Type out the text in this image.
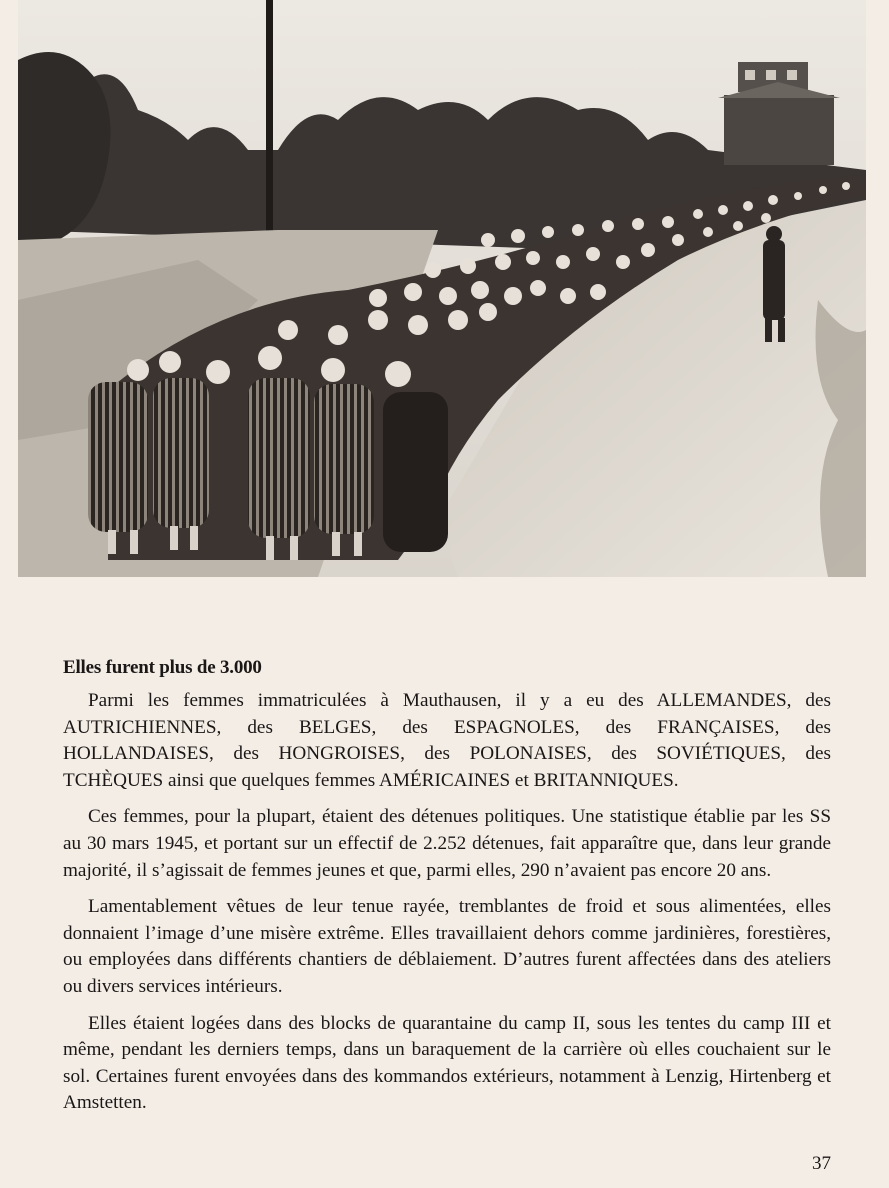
Elles furent plus de 3.000

Parmi les femmes immatriculées à Mauthausen, il y a eu des ALLEMANDES, des AUTRICHIENNES, des BELGES, des ESPAGNOLES, des FRANÇAISES, des HOLLANDAISES, des HONGROISES, des POLONAISES, des SOVIÉTIQUES, des TCHÈQUES ainsi que quelques femmes AMÉRICAINES et BRITANNIQUES.

Ces femmes, pour la plupart, étaient des détenues politiques. Une statistique établie par les SS au 30 mars 1945, et portant sur un effectif de 2.252 détenues, fait apparaître que, dans leur grande majorité, il s’agissait de femmes jeunes et que, parmi elles, 290 n’avaient pas encore 20 ans.

Lamentablement vêtues de leur tenue rayée, tremblantes de froid et sous alimentées, elles donnaient l’image d’une misère extrême. Elles travaillaient dehors comme jardinières, forestières, ou employées dans différents chantiers de déblaiement. D’autres furent affectées dans des ateliers ou divers services intérieurs.

Elles étaient logées dans des blocks de quarantaine du camp II, sous les tentes du camp III et même, pendant les derniers temps, dans un baraquement de la carrière où elles couchaient sur le sol. Certaines furent envoyées dans des kommandos extérieurs, notamment à Lenzig, Hirtenberg et Amstetten.

37
